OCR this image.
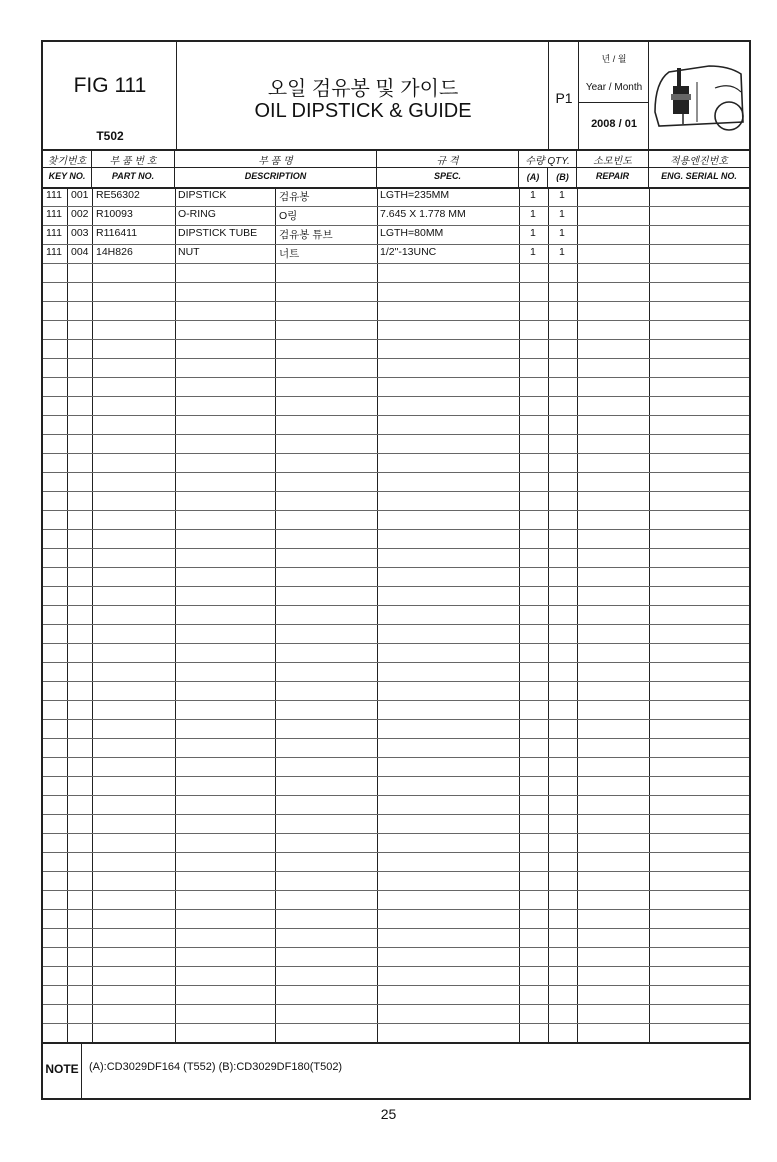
FIG 111
T502
오일 검유봉 및 가이드
OIL DIPSTICK & GUIDE
P1
년 / 월
Year / Month
2008 / 01
찾기번호
KEY NO.
부 품 번 호
PART NO.
부 품 명
DESCRIPTION
규 격
SPEC.
수량 QTY.
(A)	(B)
소모빈도
REPAIR
적용엔진번호
ENG. SERIAL NO.
111 001 RE56302	DIPSTICK	검유봉	LGTH=235MM	1 1
111 002 R10093	O-RING	O링	7.645 X 1.778 MM	1 1
111 003 R116411	DIPSTICK TUBE 검유봉 튜브	LGTH=80MM	1 1
111 004 14H826	NUT	너트	1/2"-13UNC	1 1
NOTE (A):CD3029DF164 (T552) (B):CD3029DF180(T502)
25
